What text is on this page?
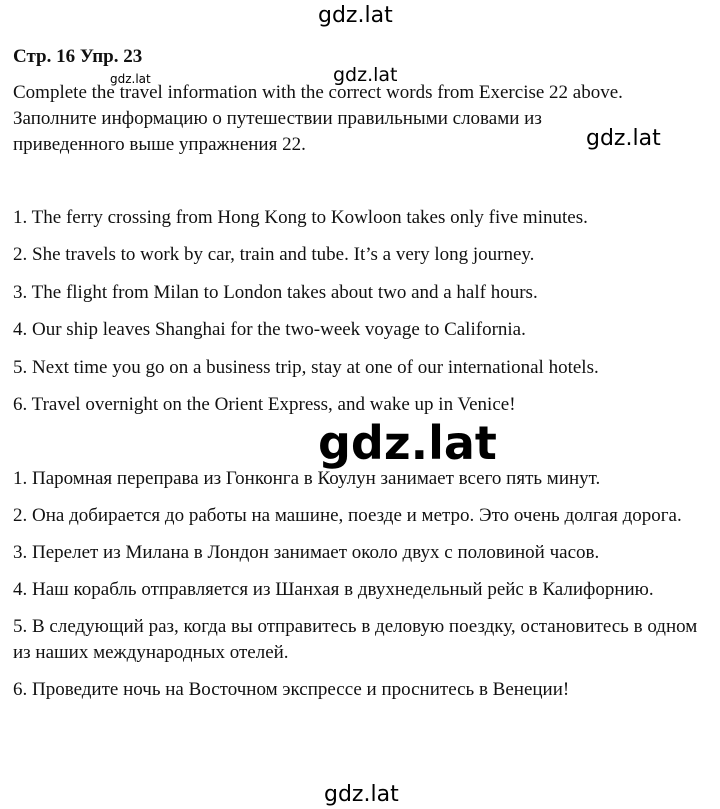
gdz.lat
Стр. 16 Упр. 23

Complete the travel information with the correct words from Exercise 22 above.

Заполните информацию о путешествии правильными словами из

приведенного выше упражнения 22.

gdz.lat	gdz.lat
gdz.lat
1. The ferry crossing from Hong Kong to Kowloon takes only five minutes.
2. She travels to work by car, train and tube. It’s a very long journey.
3. The flight from Milan to London takes about two and a half hours.
4. Our ship leaves Shanghai for the two-week voyage to California.
5. Next time you go on a business trip, stay at one of our international hotels.
6. Travel overnight on the Orient Express, and wake up in Venice!
gdz.lat
1. Паромная переправа из Гонконга в Коулун занимает всего пять минут.
2. Она добирается до работы на машине, поезде и метро. Это очень долгая дорога.
3. Перелет из Милана в Лондон занимает около двух с половиной часов.
4. Наш корабль отправляется из Шанхая в двухнедельный рейс в Калифорнию.
5. В следующий раз, когда вы отправитесь в деловую поездку, остановитесь в одном из наших международных отелей.
6. Проведите ночь на Восточном экспрессе и проснитесь в Венеции!
gdz.lat
